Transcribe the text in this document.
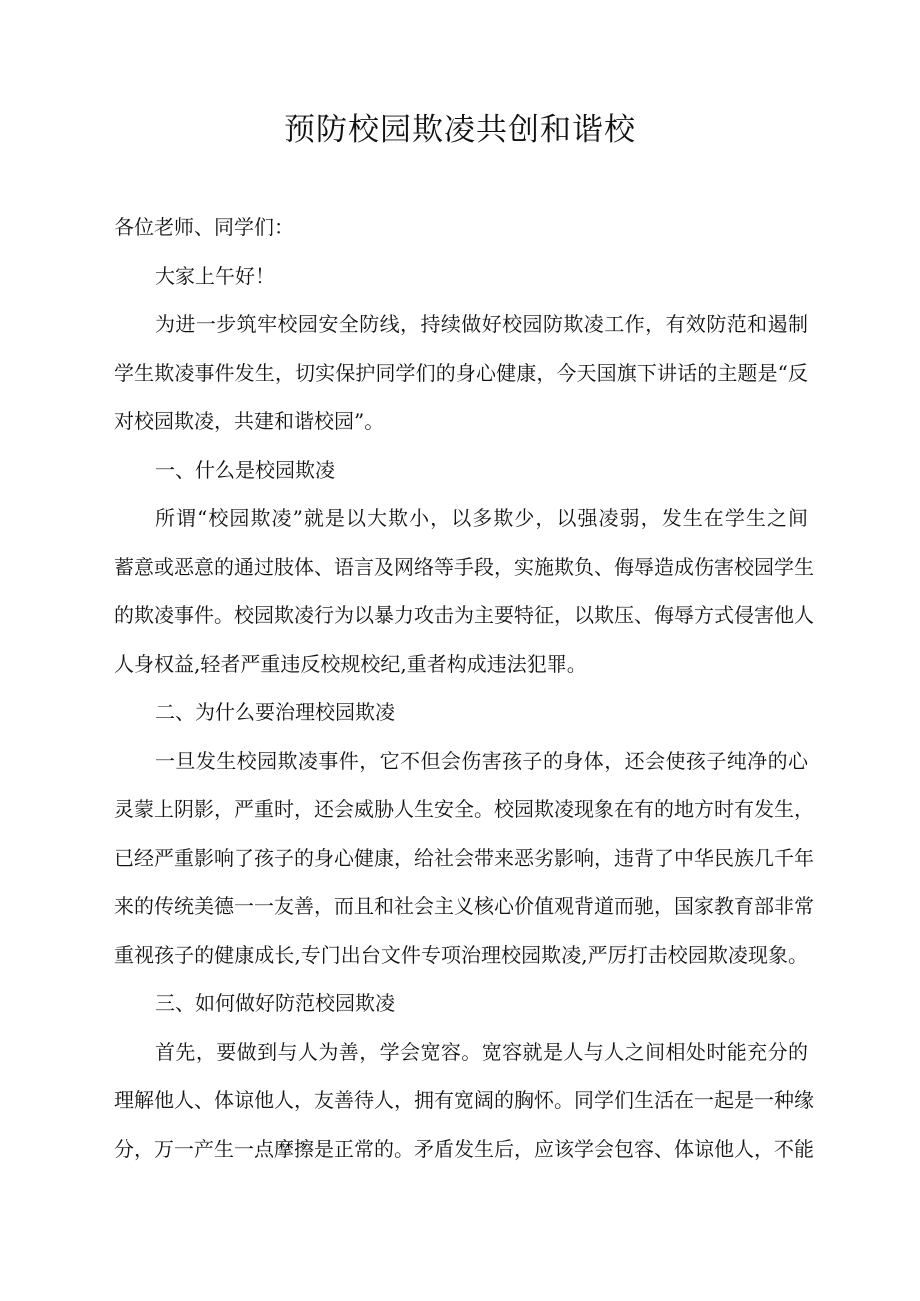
预防校园欺凌共创和谐校
各位老师、同学们：
大家上午好！
为进一步筑牢校园安全防线，持续做好校园防欺凌工作，有效防范和遏制
学生欺凌事件发生，切实保护同学们的身心健康，今天国旗下讲话的主题是“反
对校园欺凌，共建和谐校园”。
一、什么是校园欺凌
所谓“校园欺凌”就是以大欺小，以多欺少，以强凌弱，发生在学生之间
蓄意或恶意的通过肢体、语言及网络等手段，实施欺负、侮辱造成伤害校园学生
的欺凌事件。校园欺凌行为以暴力攻击为主要特征，以欺压、侮辱方式侵害他人
人身权益,轻者严重违反校规校纪,重者构成违法犯罪。
二、为什么要治理校园欺凌
一旦发生校园欺凌事件，它不但会伤害孩子的身体，还会使孩子纯净的心
灵蒙上阴影，严重时，还会威胁人生安全。校园欺凌现象在有的地方时有发生，
已经严重影响了孩子的身心健康，给社会带来恶劣影响，违背了中华民族几千年
来的传统美德一一友善，而且和社会主义核心价值观背道而驰，国家教育部非常
重视孩子的健康成长,专门出台文件专项治理校园欺凌,严厉打击校园欺凌现象。
三、如何做好防范校园欺凌
首先，要做到与人为善，学会宽容。宽容就是人与人之间相处时能充分的
理解他人、体谅他人，友善待人，拥有宽阔的胸怀。同学们生活在一起是一种缘
分，万一产生一点摩擦是正常的。矛盾发生后，应该学会包容、体谅他人，不能
